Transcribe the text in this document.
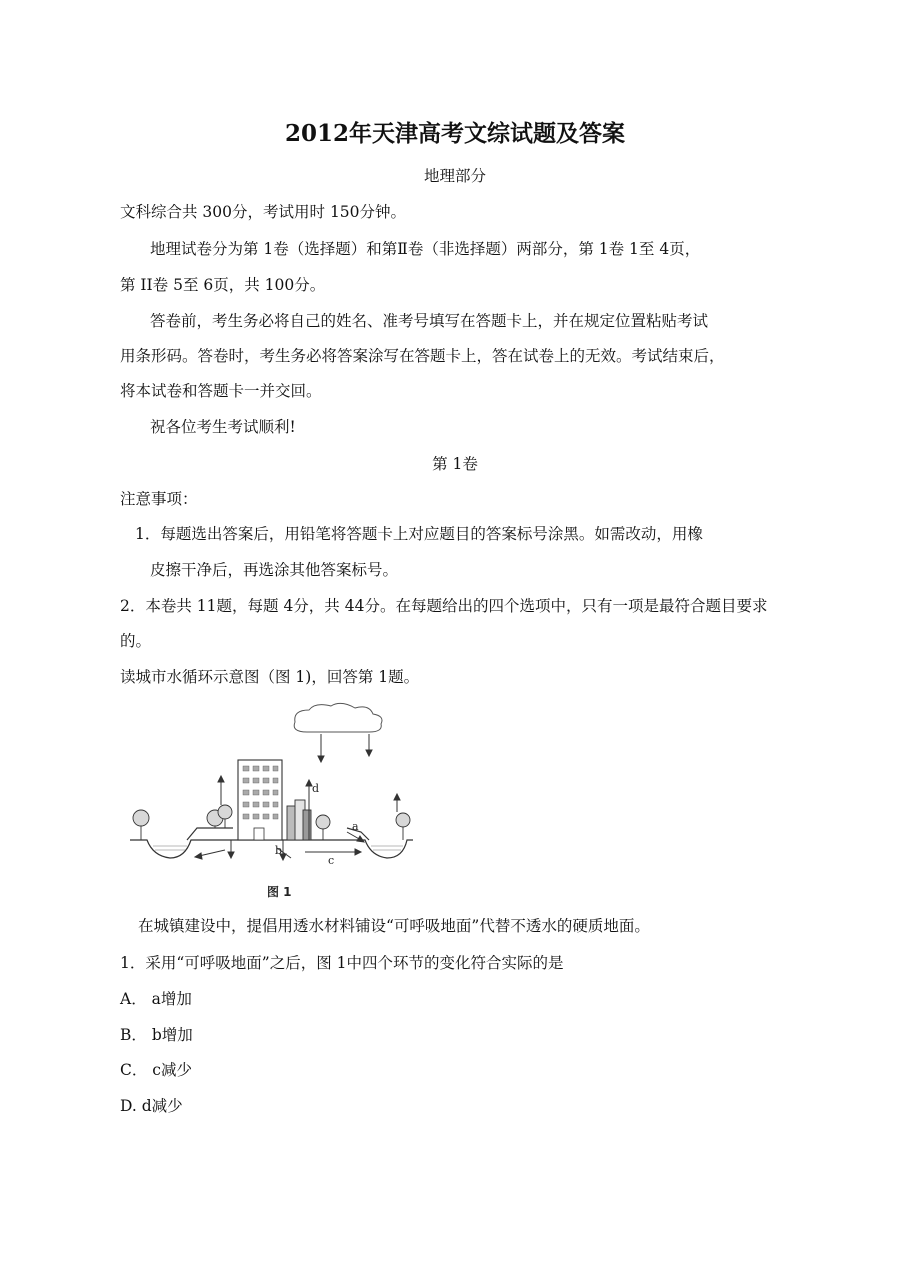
2012年天津高考文综试题及答案
地理部分
文科综合共 300分，考试用时 150分钟。
地理试卷分为第 1卷（选择题）和第Ⅱ卷（非选择题）两部分，第 1卷 1至 4页，
第 II卷 5至 6页，共 100分。
答卷前，考生务必将自己的姓名、准考号填写在答题卡上，并在规定位置粘贴考试
用条形码。答卷时，考生务必将答案涂写在答题卡上，答在试卷上的无效。考试结束后，
将本试卷和答题卡一并交回。
祝各位考生考试顺利!
第 1卷
注意事项：
1．每题选出答案后，用铅笔将答题卡上对应题目的答案标号涂黑。如需改动，用橡
皮擦干净后，再选涂其他答案标号。
2．本卷共 11题，每题 4分，共 44分。在每题给出的四个选项中，只有一项是最符合题目要求
的。
读城市水循环示意图（图 1)，回答第 1题。
a
b
c
d
图 1
在城镇建设中，提倡用透水材料铺设“可呼吸地面”代替不透水的硬质地面。
1．采用“可呼吸地面”之后，图 1中四个环节的变化符合实际的是
A． a增加
B． b增加
C． c减少
D. d减少
